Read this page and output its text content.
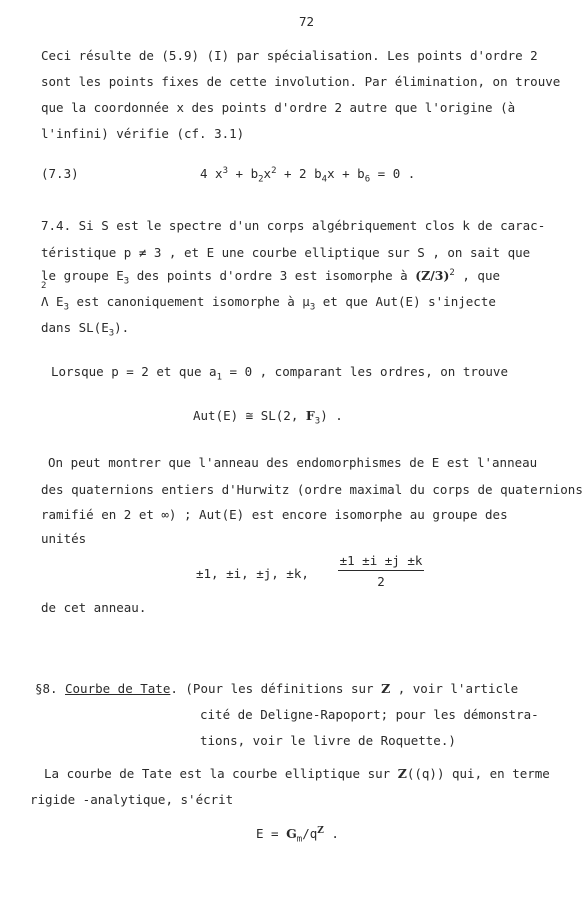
72
Ceci résulte de (5.9) (I) par spécialisation. Les points d'ordre 2
sont les points fixes de cette involution. Par élimination, on trouve
que la coordonnée x des points d'ordre 2 autre que l'origine (à
l'infini) vérifie (cf. 3.1)
(7.3)	4 $x^3 + b_2x^2 + 2$ $b_4x + b_6 = 0$ .
7.4. Si S est le spectre d'un corps algébriquement clos k de carac-
téristique p ≠ 3 , et E une courbe elliptique sur S , on sait que
le groupe $E_3$ des points d'ordre 3 est isomorphe à $(Z/3)^2$ , que
2
Λ $E_3$ est canoniquement isomorphe à $\mu_3$ et que Aut(E) s'injecte
dans $SL(E_3)$.
Lorsque p = 2 et que $a_1 = 0$ , comparant les ordres, on trouve
Aut(E) ≅ SL(2, $F_3$) .
On peut montrer que l'anneau des endomorphismes de E est l'anneau
des quaternions entiers d'Hurwitz (ordre maximal du corps de quaternions
ramifié en 2 et ∞) ; Aut(E) est encore isomorphe au groupe des
unités
±1, ±i, ±j, ±k,
±1 ±i ±j ±k
2
de cet anneau.
§8. Courbe de Tate. (Pour les définitions sur Z , voir l'article
cité de Deligne-Rapoport; pour les démonstra-
tions, voir le livre de Roquette.)
La courbe de Tate est la courbe elliptique sur Z((q)) qui, en terme
rigide -analytique, s'écrit
$E = G_m/q^Z$ .
